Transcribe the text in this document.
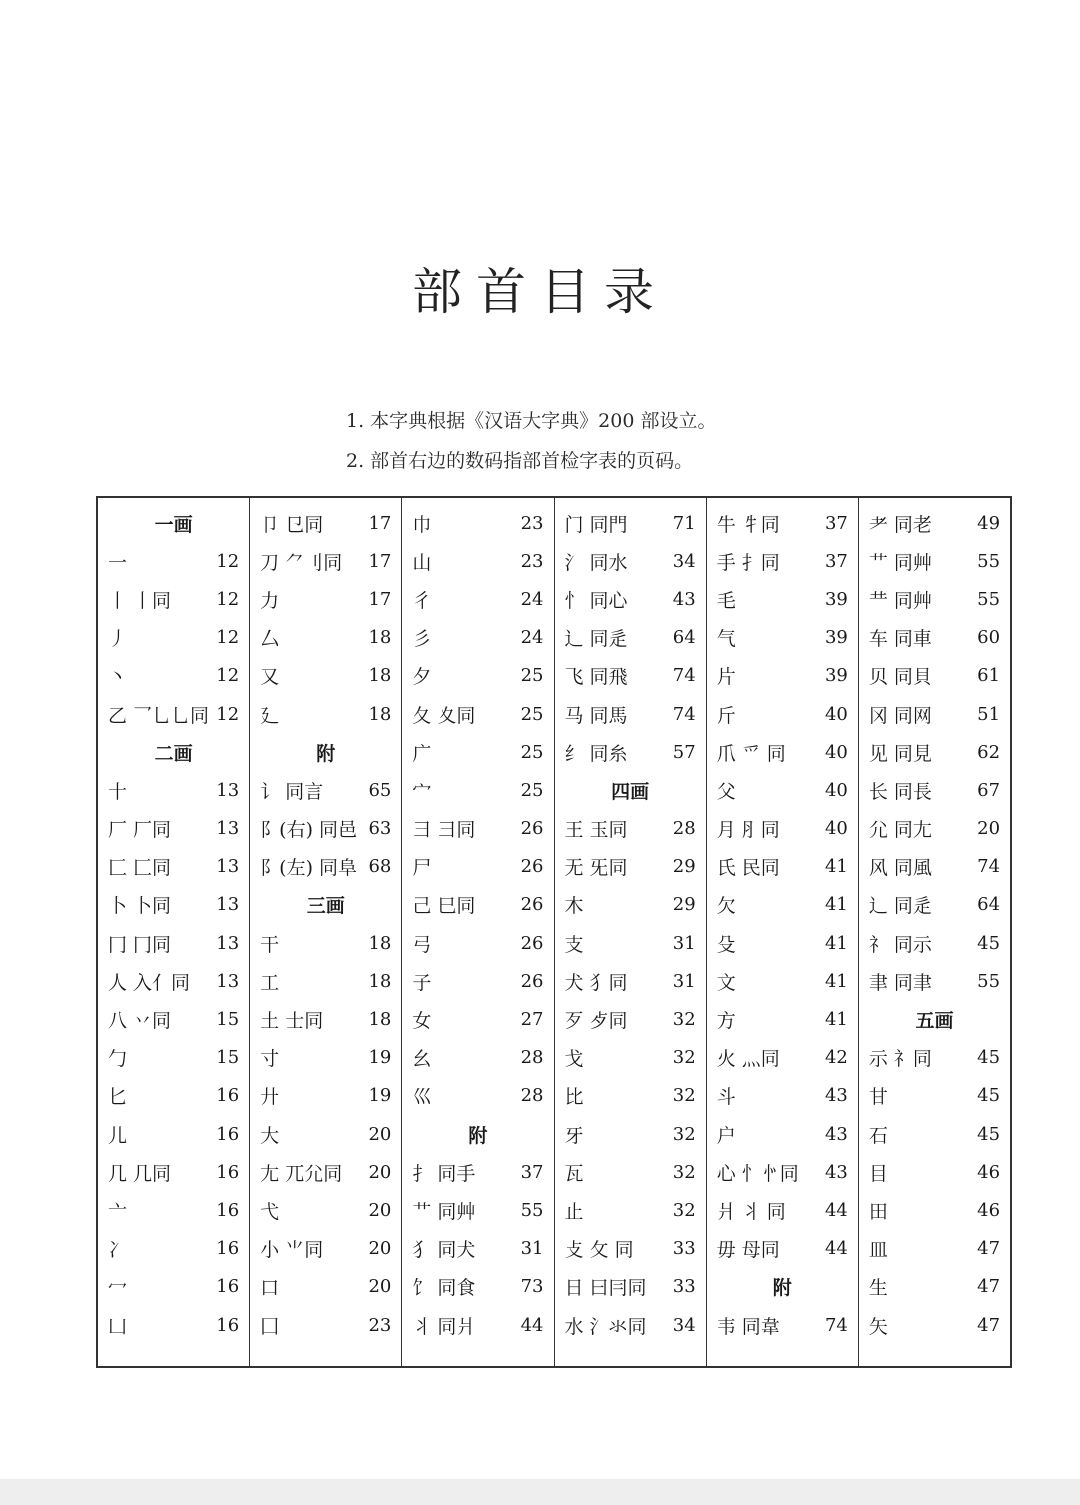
部首目录
1. 本字典根据《汉语大字典》200 部设立。
2. 部首右边的数码指部首检字表的页码。
一画
一	12
丨 丨同	12
丿	12
丶	12
乙 乛乚乚同 12
二画
十	13
厂 厂同	13
匚 匚同	13
卜 卜同	13
冂 冂同	13
人 入亻同	13
八 丷同	15
勹	15
匕	16
儿	16
几 几同	16
亠	16
冫	16
冖	16
凵	16
卩 㔾同	17
刀 ⺈刂同	17
力	17
厶	18
又	18
廴	18
附
讠 同言	65
阝(右) 同邑 63
阝(左) 同阜 68
三画
干	18
工	18
土 士同	18
寸	19
廾	19
大	20
尢 兀尣同	20
弋	20
小 ⺌同	20
口	20
囗	23
巾	23
山	23
彳	24
彡	24
夕	25
夂 夊同	25
广	25
宀	25
彐 ⺕同	26
尸	26
己 巳同	26
弓	26
子	26
女	27
幺	28
巛	28
附
扌 同手	37
艹 同艸	55
犭 同犬	31
饣 同食	73
丬 同爿	44
门 同門	71
氵 同水	34
忄 同心	43
辶 同辵	64
飞 同飛	74
马 同馬	74
纟 同糸	57
四画
王 玉同	28
无 旡同	29
木	29
支	31
犬 犭同	31
歹 歺同	32
戈	32
比	32
牙	32
瓦	32
止	32
攴 攵 同	33
日 曰冃同	33
水 氵氺同	34
牛 牜同	37
手 扌同	37
毛	39
气	39
片	39
斤	40
爪 爫 同	40
父	40
月 ⺼同	40
氏 民同	41
欠	41
殳	41
文	41
方	41
火 灬同	42
斗	43
户	43
心 忄㣺同	43
爿 丬 同	44
毋 母同	44
附
韦 同韋	74
耂 同老	49
艹 同艸	55
龷 同艸	55
车 同車	60
贝 同貝	61
冈 同网	51
见 同見	62
长 同長	67
尣 同尢	20
风 同風	74
辶 同辵	64
礻 同示	45
聿 同聿	55
五画
示 礻同	45
甘	45
石	45
目	46
田	46
皿	47
生	47
矢	47
